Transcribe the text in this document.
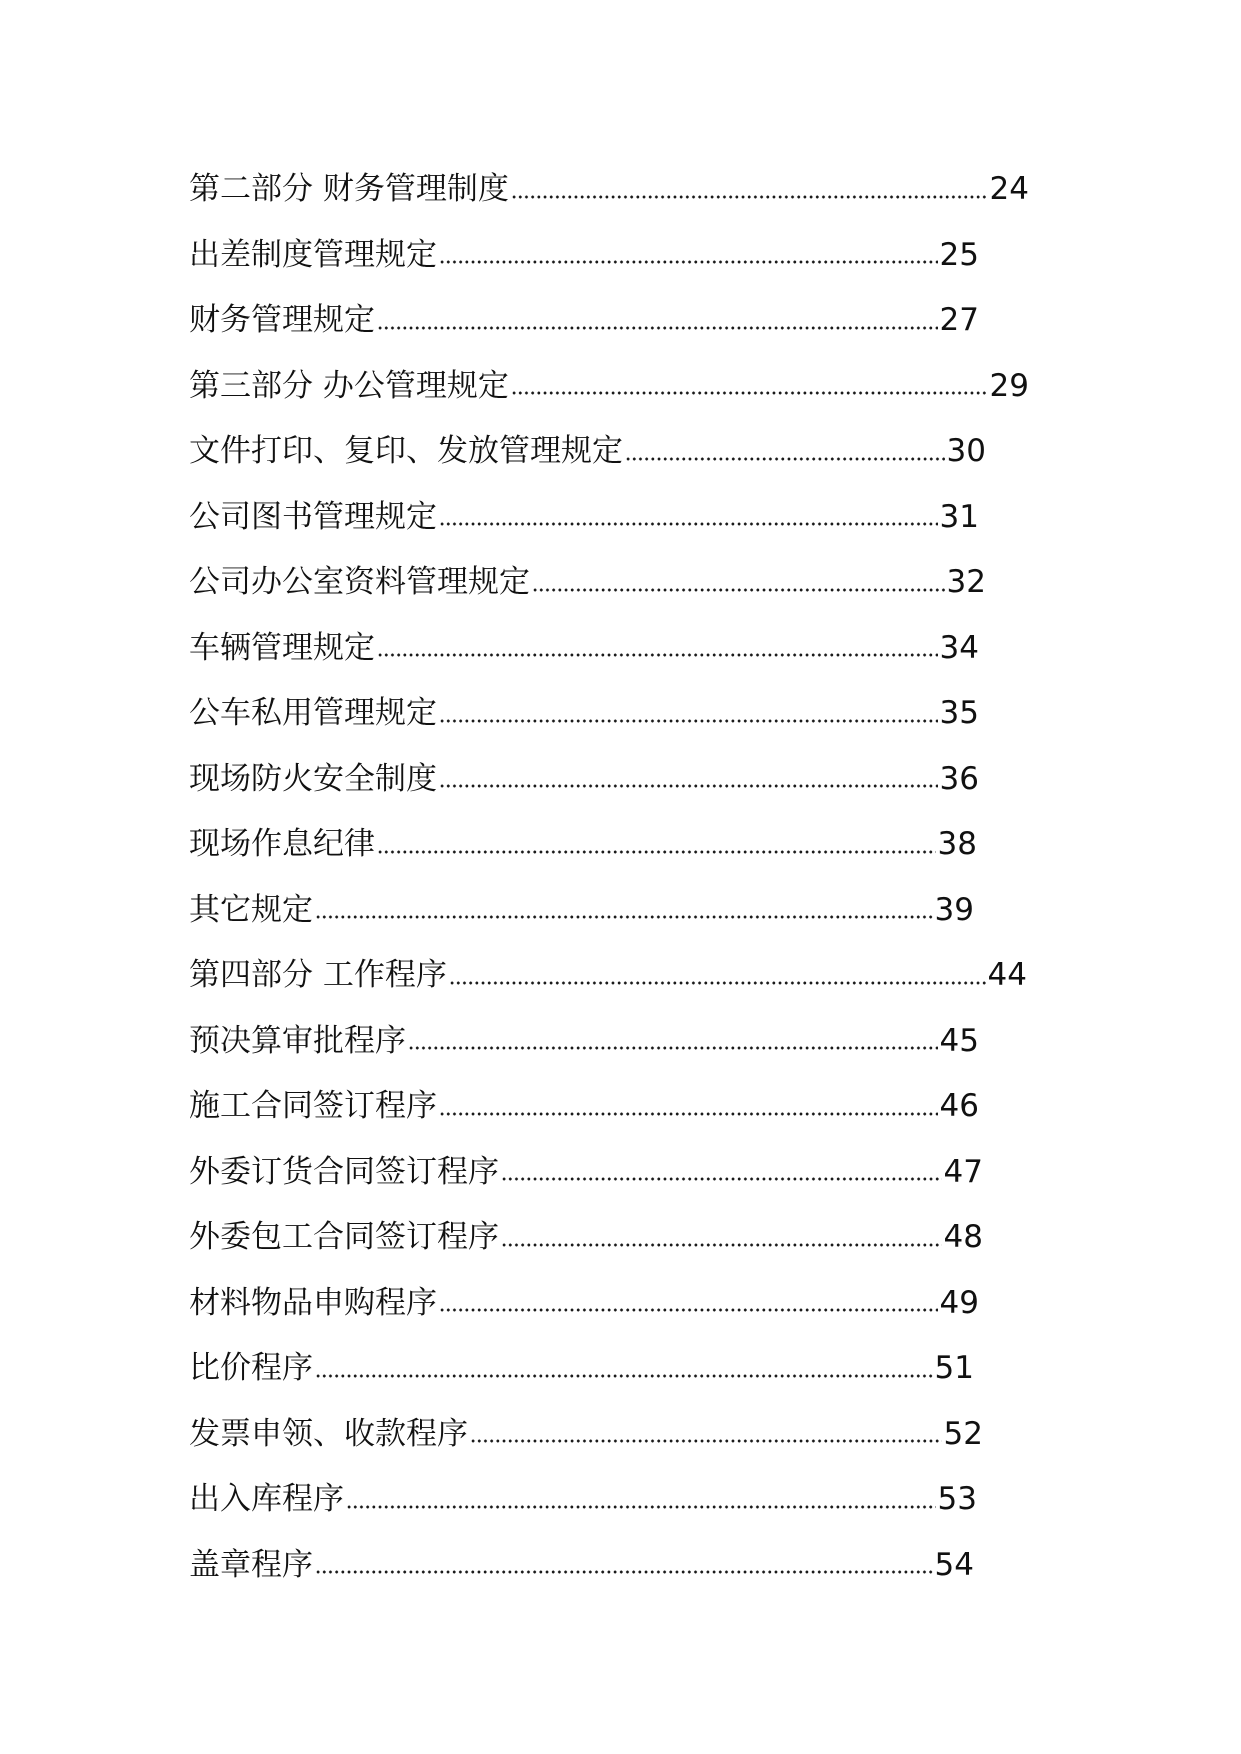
第二部分 财务管理制度	24
出差制度管理规定	25
财务管理规定	27
第三部分 办公管理规定	29
文件打印、复印、发放管理规定	30
公司图书管理规定	31
公司办公室资料管理规定	32
车辆管理规定	34
公车私用管理规定	35
现场防火安全制度	36
现场作息纪律	38
其它规定	39
第四部分 工作程序	44
预决算审批程序	45
施工合同签订程序	46
外委订货合同签订程序	47
外委包工合同签订程序	48
材料物品申购程序	49
比价程序	51
发票申领、收款程序	52
出入库程序	53
盖章程序	54
